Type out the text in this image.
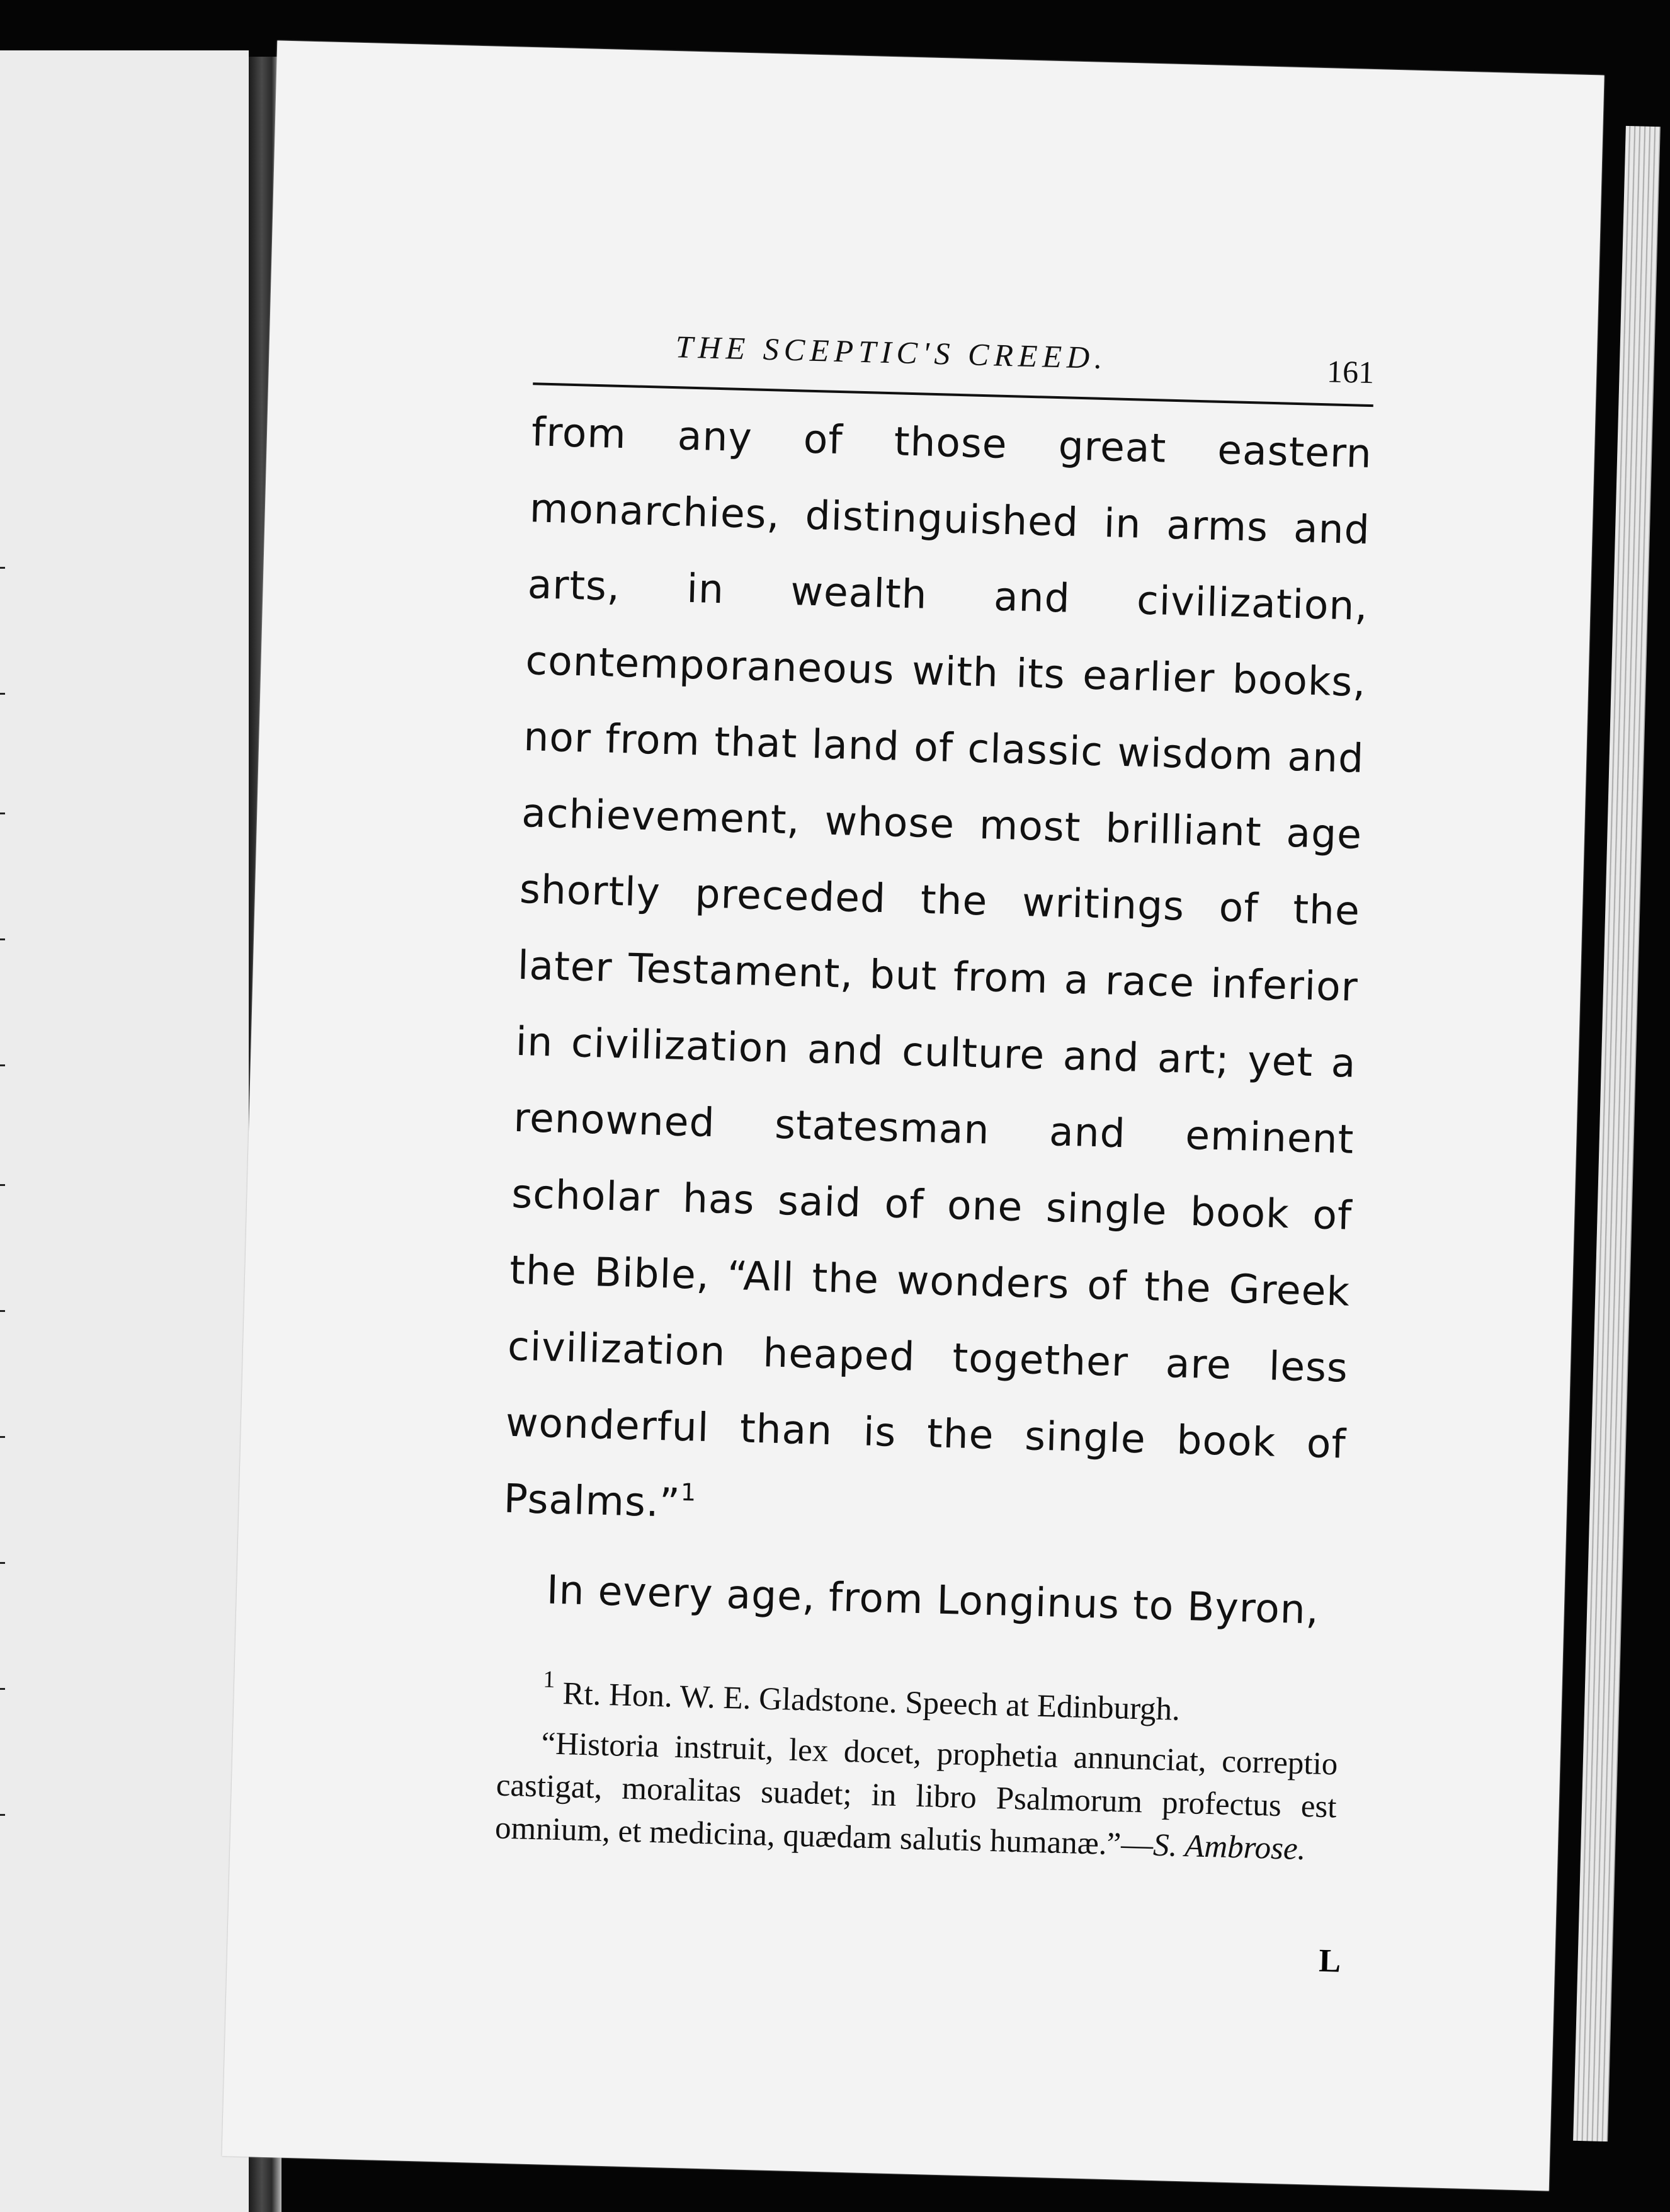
THE SCEPTIC'S CREED.	161

from any of those great eastern monarchies, distinguished in arms and arts, in wealth and civilization, contemporaneous with its earlier books, nor from that land of classic wisdom and achievement, whose most brilliant age shortly preceded the writings of the later Testament, but from a race inferior in civilization and culture and art; yet a renowned statesman and eminent scholar has said of one single book of the Bible, “All the wonders of the Greek civilization heaped together are less wonderful than is the single book of Psalms.”$^1$

In every age, from Longinus to Byron,

$^1$ Rt. Hon. W. E. Gladstone. Speech at Edinburgh.

“Historia instruit, lex docet, prophetia annunciat, correptio castigat, moralitas suadet; in libro Psalmorum profectus est omnium, et medicina, quædam salutis humanæ.”—S. Ambrose.

L
